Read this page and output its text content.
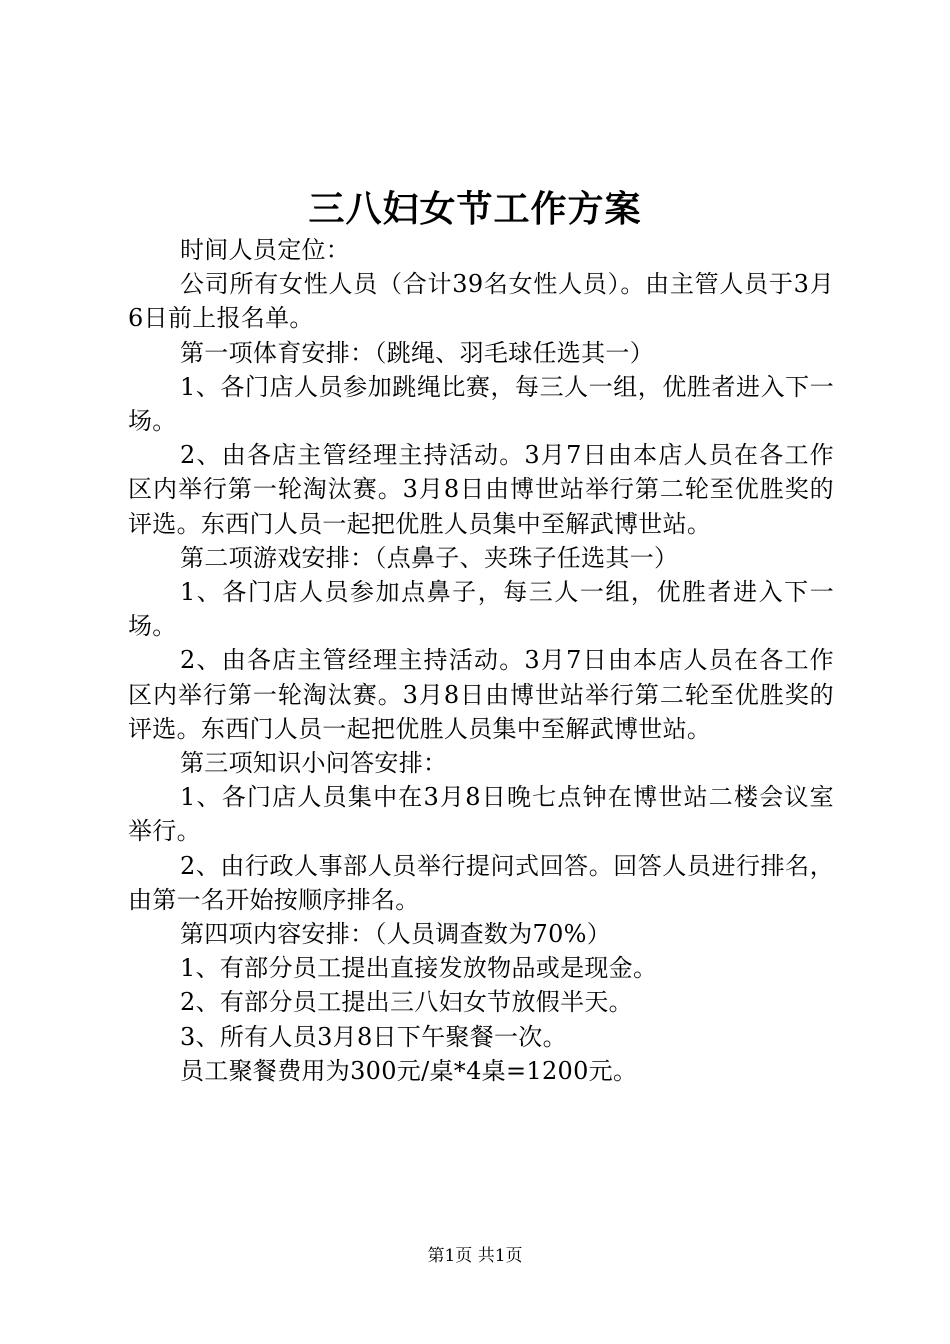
三八妇女节工作方案

时间人员定位：

公司所有女性人员（合计39名女性人员）。由主管人员于3月6日前上报名单。

第一项体育安排：（跳绳、羽毛球任选其一）

1、各门店人员参加跳绳比赛，每三人一组，优胜者进入下一场。

2、由各店主管经理主持活动。3月7日由本店人员在各工作区内举行第一轮淘汰赛。3月8日由博世站举行第二轮至优胜奖的评选。东西门人员一起把优胜人员集中至解武博世站。

第二项游戏安排：（点鼻子、夹珠子任选其一）

1、各门店人员参加点鼻子，每三人一组，优胜者进入下一场。

2、由各店主管经理主持活动。3月7日由本店人员在各工作区内举行第一轮淘汰赛。3月8日由博世站举行第二轮至优胜奖的评选。东西门人员一起把优胜人员集中至解武博世站。

第三项知识小问答安排：

1、各门店人员集中在3月8日晚七点钟在博世站二楼会议室举行。

2、由行政人事部人员举行提问式回答。回答人员进行排名，由第一名开始按顺序排名。

第四项内容安排：（人员调查数为70%）

1、有部分员工提出直接发放物品或是现金。

2、有部分员工提出三八妇女节放假半天。

3、所有人员3月8日下午聚餐一次。

员工聚餐费用为300元/桌*4桌=1200元。

第1页 共1页
